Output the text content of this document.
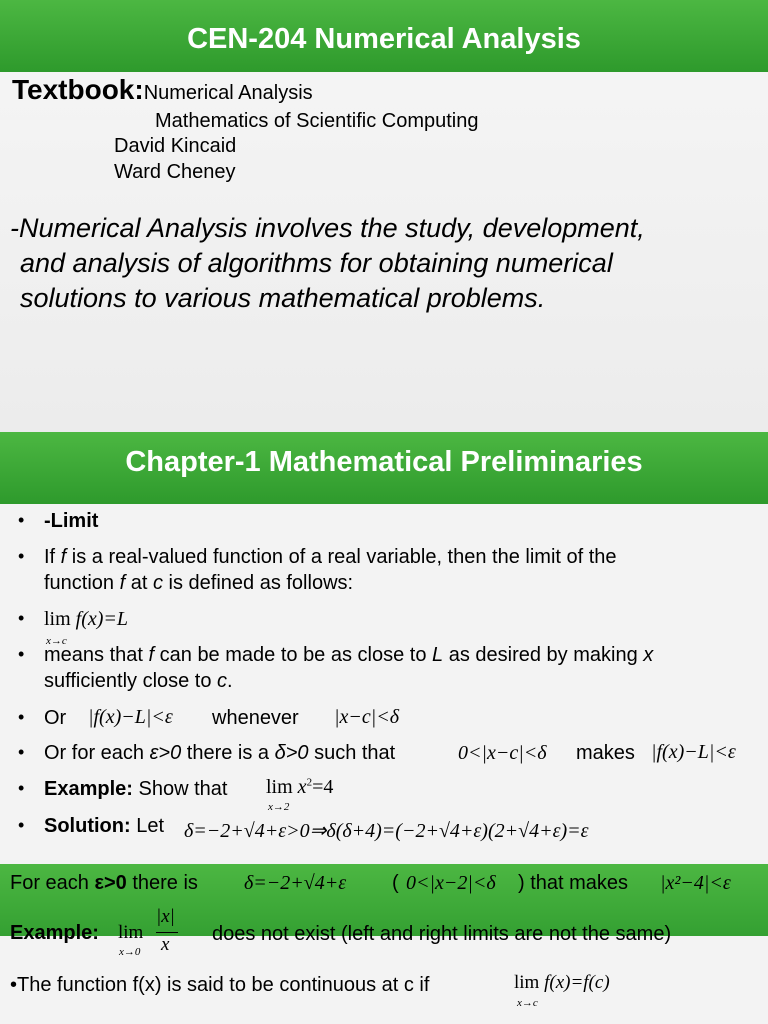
CEN-204 Numerical Analysis
Textbook:Numerical Analysis
Mathematics of Scientific Computing
David Kincaid
Ward Cheney
-Numerical Analysis involves the study, development,
and analysis of algorithms for obtaining numerical
solutions to various mathematical problems.
Chapter-1 Mathematical Preliminaries
• -Limit
• If f is a real-valued function of a real variable, then the limit of the
function f at c is defined as follows:
• lim f(x)=L
x→c
• means that f can be made to be as close to L as desired by making x
sufficiently close to c.
• Or |f(x)−L|<ε whenever |x−c|<δ
• Or for each ε>0 there is a δ>0 such that	0<|x−c|<δ makes |f(x)−L|<ε
• Example: Show that $\lim x^2=4$
x→2
• Solution: Let δ=−2+√4+ε>0⇒δ(δ+4)=(−2+√4+ε)(2+√4+ε)=ε
For each ε>0 there is δ=−2+√4+ε ( 0<|x−2|<δ ) that makes |x²−4|<ε
Example: lim
x→0
|x|
x does not exist (left and right limits are not the same)
•The function f(x) is said to be continuous at c if	lim f(x)=f(c)
x→c
